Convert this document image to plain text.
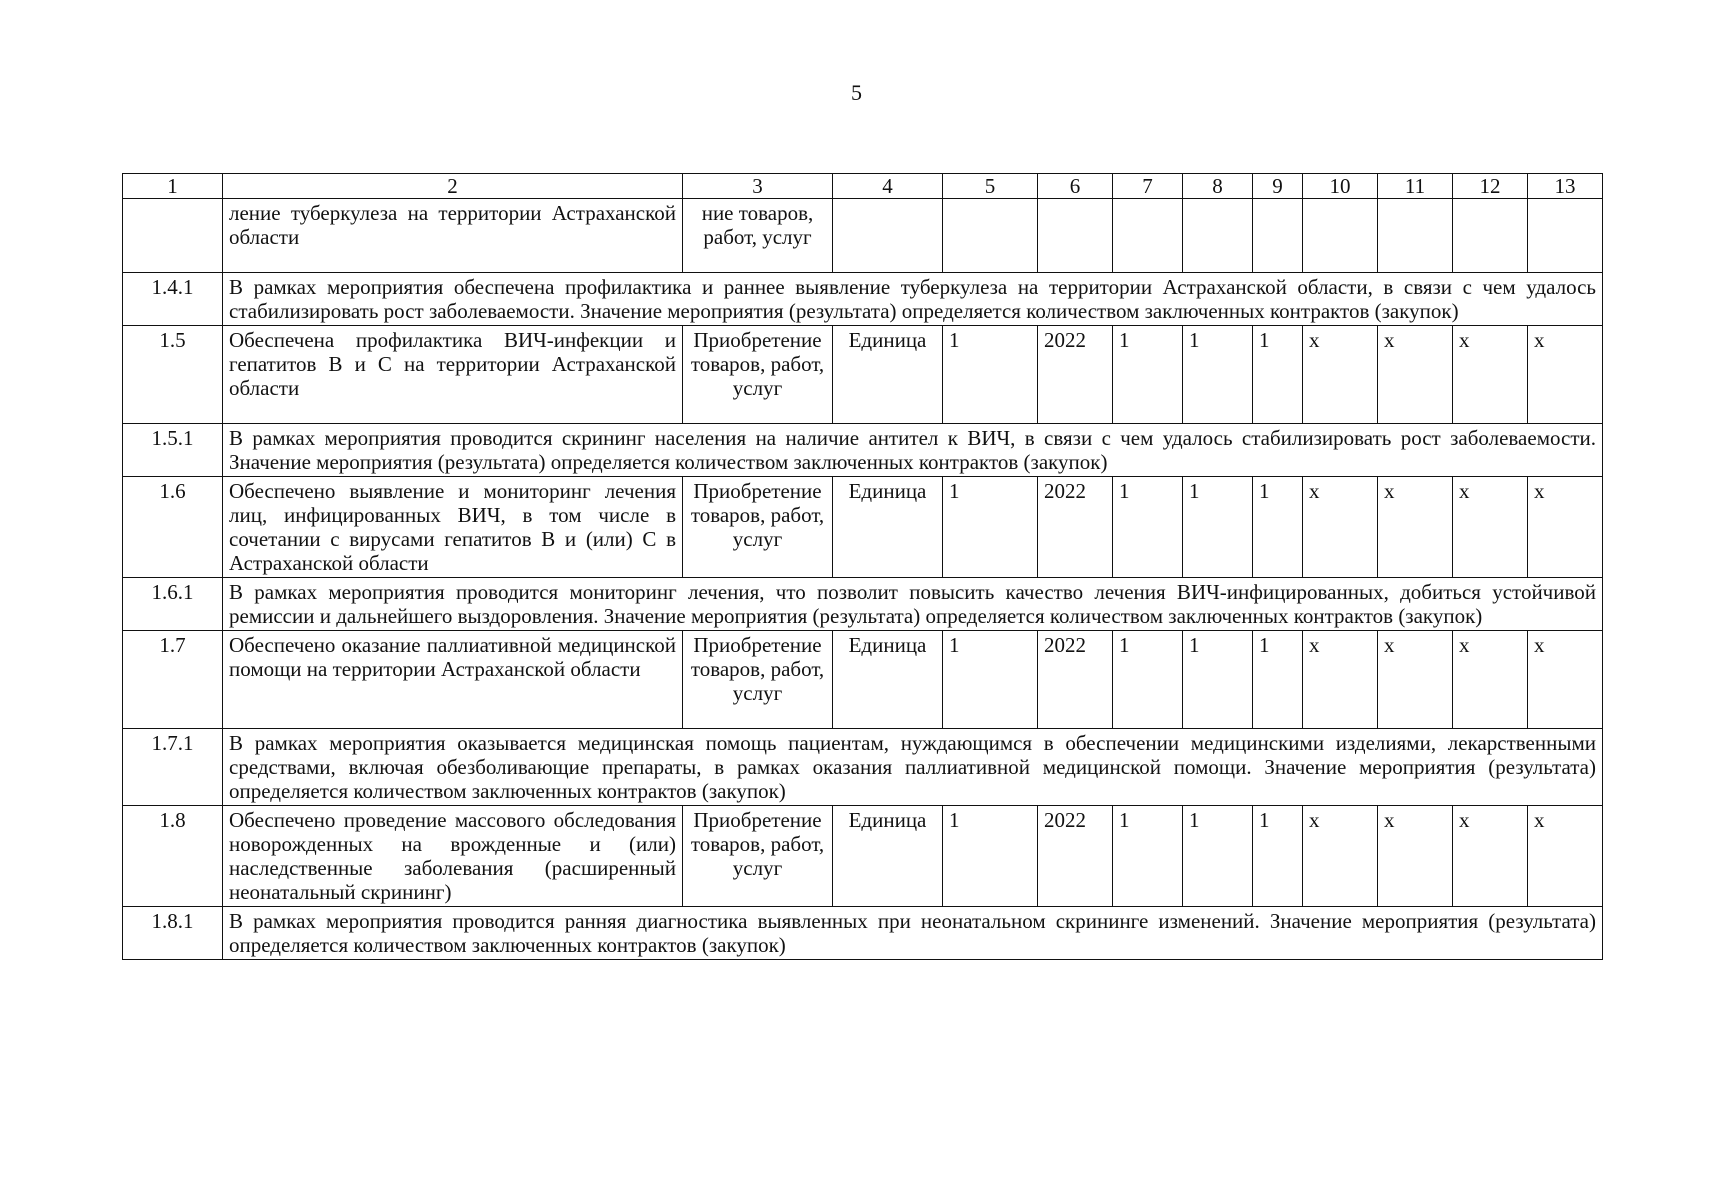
5
1	2	3	4	5	6	7	8	9	10	11	12	13
	ление туберкулеза на территории Астраханской области	ние товаров, работ, услуг										
1.4.1	В рамках мероприятия обеспечена профилактика и раннее выявление туберкулеза на территории Астраханской области, в связи с чем удалось стабилизировать рост заболеваемости. Значение мероприятия (результата) определяется количеством заключенных контрактов (закупок)											
1.5	Обеспечена профилактика ВИЧ-инфекции и гепатитов В и С на территории Астраханской области	Приобретение товаров, работ, услуг	Единица	1	2022	1	1	1	х	х	х	х
1.5.1	В рамках мероприятия проводится скрининг населения на наличие антител к ВИЧ, в связи с чем удалось стабилизировать рост заболеваемости. Значение мероприятия (результата) определяется количеством заключенных контрактов (закупок)											
1.6	Обеспечено выявление и мониторинг лечения лиц, инфицированных ВИЧ, в том числе в сочетании с вирусами гепатитов В и (или) С в Астраханской области	Приобретение товаров, работ, услуг	Единица	1	2022	1	1	1	х	х	х	х
1.6.1	В рамках мероприятия проводится мониторинг лечения, что позволит повысить качество лечения ВИЧ-инфицированных, добиться устойчивой ремиссии и дальнейшего выздоровления. Значение мероприятия (результата) определяется количеством заключенных контрактов (закупок)											
1.7	Обеспечено оказание паллиативной медицинской помощи на территории Астраханской области	Приобретение товаров, работ, услуг	Единица	1	2022	1	1	1	х	х	х	х
1.7.1	В рамках мероприятия оказывается медицинская помощь пациентам, нуждающимся в обеспечении медицинскими изделиями, лекарственными средствами, включая обезболивающие препараты, в рамках оказания паллиативной медицинской помощи. Значение мероприятия (результата) определяется количеством заключенных контрактов (закупок)											
1.8	Обеспечено проведение массового обследования новорожденных на врожденные и (или) наследственные заболевания (расширенный неонатальный скрининг)	Приобретение товаров, работ, услуг	Единица	1	2022	1	1	1	х	х	х	х
1.8.1	В рамках мероприятия проводится ранняя диагностика выявленных при неонатальном скрининге изменений. Значение мероприятия (результата) определяется количеством заключенных контрактов (закупок)											
